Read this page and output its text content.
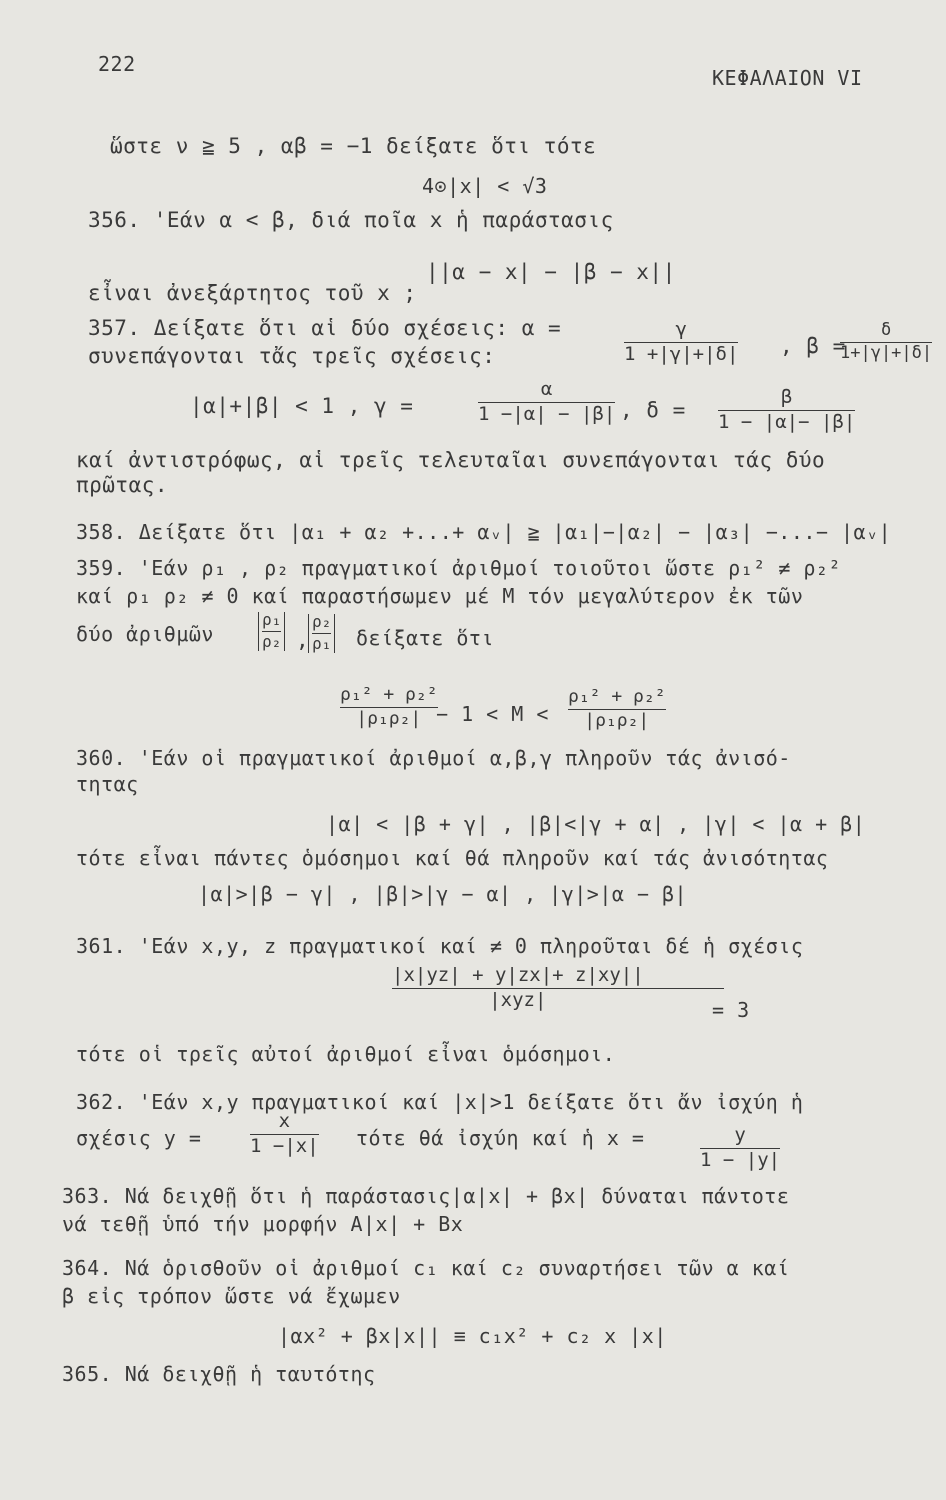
222
ΚΕΦΑΛΑΙΟΝ VI
ὥστε ν ≧ 5 , αβ = −1 δείξατε ὅτι τότε
4⊙|x| < √3
356. 'Εάν α < β, διά ποῖα x ἡ παράστασις
||α − x| − |β − x||
εἶναι ἀνεξάρτητος τοῦ x ;
357. Δείξατε ὅτι αἱ δύο σχέσεις: α =	γ
1 +|γ|+|δ| , β =
δ
1+|γ|+|δ|
συνεπάγονται τἄς τρεῖς σχέσεις:
|α|+|β| < 1 , γ =
α
1 −|α| − |β| , δ =
β
1 − |α|− |β|
καί ἀντιστρόφως, αἱ τρεῖς τελευταῖαι συνεπάγονται τάς δύο
πρῶτας.
358. Δείξατε ὅτι |α₁ + α₂ +...+ αᵥ| ≧ |α₁|−|α₂| − |α₃| −...− |αᵥ|
359. 'Εάν ρ₁ , ρ₂ πραγματικοί ἀριθμοί τοιοῦτοι ὥστε ρ₁² ≠ ρ₂²
καί ρ₁ ρ₂ ≠ 0 καί παραστήσωμεν μέ Μ τόν μεγαλύτερον ἐκ τῶν
δύο ἀριθμῶν
ρ₁
ρ₂ ,
ρ₂
ρ₁ δείξατε ὅτι
ρ₁² + ρ₂²
|ρ₁ρ₂| − 1 < Μ <
ρ₁² + ρ₂²
|ρ₁ρ₂|
360. 'Εάν οἱ πραγματικοί ἀριθμοί α,β,γ πληροῦν τάς ἀνισό-
τητας
|α| < |β + γ| , |β|<|γ + α| , |γ| < |α + β|
τότε εἶναι πάντες ὁμόσημοι καί θά πληροῦν καί τάς ἀνισότητας
|α|>|β − γ| , |β|>|γ − α| , |γ|>|α − β|
361. 'Εάν x,y, z πραγματικοί καί ≠ 0 πληροῦται δέ ἡ σχέσις
|x|yz| + y|zx|+ z|xy||
|xyz|	= 3
τότε οἱ τρεῖς αὐτοί ἀριθμοί εἶναι ὁμόσημοι.
362. 'Εάν x,y πραγματικοί καί |x|>1 δείξατε ὅτι ἄν ἰσχύη ἡ
σχέσις y =
x
1 −|x| τότε θά ἰσχύη καί ἡ x =	y
1 − |y|
363. Νά δειχθῇ ὅτι ἡ παράστασις|α|x| + βx| δύναται πάντοτε
νά τεθῇ ὑπό τήν μορφήν A|x| + Bx
364. Νά ὁρισθοῦν οἱ ἀριθμοί c₁ καί c₂ συναρτήσει τῶν α καί
β εἰς τρόπον ὥστε νά ἔχωμεν
|αx² + βx|x|| ≡ c₁x² + c₂ x |x|
365. Νά δειχθῇ ἡ ταυτότης
